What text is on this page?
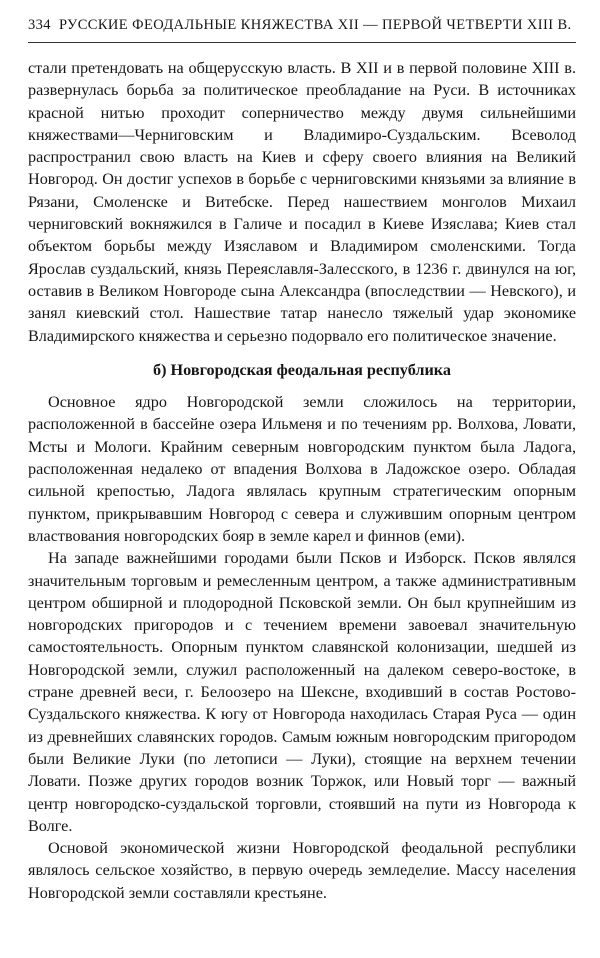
334 РУССКИЕ ФЕОДАЛЬНЫЕ КНЯЖЕСТВА XII — ПЕРВОЙ ЧЕТВЕРТИ XIII В.

стали претендовать на общерусскую власть. В XII и в первой половине XIII в. развернулась борьба за политическое преобладание на Руси. В источниках красной нитью проходит соперничество между двумя сильнейшими княжествами—Черниговским и Владимиро-Суздальским. Всеволод распространил свою власть на Киев и сферу своего влияния на Великий Новгород. Он достиг успехов в борьбе с черниговскими князьями за влияние в Рязани, Смоленске и Витебске. Перед нашествием монголов Михаил черниговский вокняжился в Галиче и посадил в Киеве Изяслава; Киев стал объектом борьбы между Изяславом и Владимиром смоленскими. Тогда Ярослав суздальский, князь Переяславля-Залесского, в 1236 г. двинулся на юг, оставив в Великом Новгороде сына Александра (впоследствии — Невского), и занял киевский стол. Нашествие татар нанесло тяжелый удар экономике Владимирского княжества и серьезно подорвало его политическое значение.

б) Новгородская феодальная республика

Основное ядро Новгородской земли сложилось на территории, расположенной в бассейне озера Ильменя и по течениям рр. Волхова, Ловати, Мсты и Мологи. Крайним северным новгородским пунктом была Ладога, расположенная недалеко от впадения Волхова в Ладожское озеро. Обладая сильной крепостью, Ладога являлась крупным стратегическим опорным пунктом, прикрывавшим Новгород с севера и служившим опорным центром властвования новгородских бояр в земле карел и финнов (еми).

На западе важнейшими городами были Псков и Изборск. Псков являлся значительным торговым и ремесленным центром, а также административным центром обширной и плодородной Псковской земли. Он был крупнейшим из новгородских пригородов и с течением времени завоевал значительную самостоятельность. Опорным пунктом славянской колонизации, шедшей из Новгородской земли, служил расположенный на далеком северо-востоке, в стране древней веси, г. Белоозеро на Шексне, входивший в состав Ростово-Суздальского княжества. К югу от Новгорода находилась Старая Руса — один из древнейших славянских городов. Самым южным новгородским пригородом были Великие Луки (по летописи — Луки), стоящие на верхнем течении Ловати. Позже других городов возник Торжок, или Новый торг — важный центр новгородско-суздальской торговли, стоявший на пути из Новгорода к Волге.

Основой экономической жизни Новгородской феодальной республики являлось сельское хозяйство, в первую очередь земледелие. Массу населения Новгородской земли составляли крестьяне.
